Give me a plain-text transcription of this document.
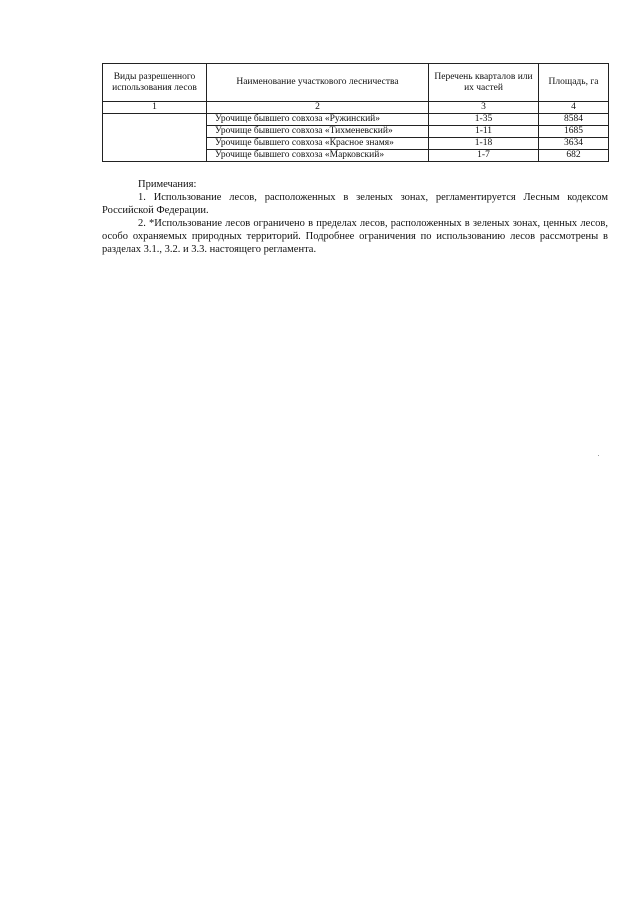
Виды разрешенного использования лесов	Наименование участкового лесничества	Перечень кварталов или их частей	Площадь, га
1	2	3	4
	Урочище бывшего совхоза «Ружинский»	1-35	8584
	Урочище бывшего совхоза «Тихменевский»	1-11	1685
	Урочище бывшего совхоза «Красное знамя»	1-18	3634
	Урочище бывшего совхоза «Марковский»	1-7	682

Примечания:

1. Использование лесов, расположенных в зеленых зонах, регламентируется Лесным кодексом Российской Федерации.

2. *Использование лесов ограничено в пределах лесов, расположенных в зеленых зонах, ценных лесов, особо охраняемых природных территорий. Подробнее ограничения по использованию лесов рассмотрены в разделах 3.1., 3.2. и 3.3. настоящего регламента.
